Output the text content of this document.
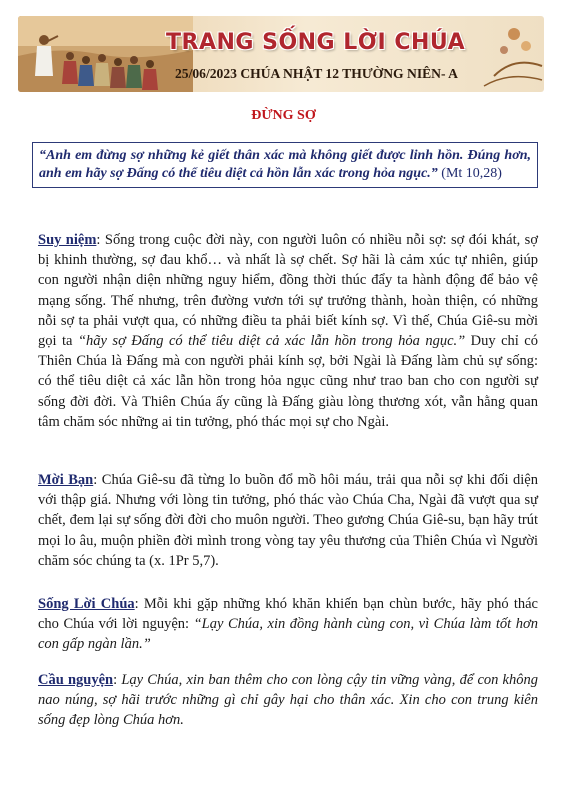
TRANG SỐNG LỜI CHÚA
25/06/2023 CHÚA NHẬT 12 THƯỜNG NIÊN- A
ĐỪNG SỢ
“Anh em đừng sợ những kẻ giết thân xác mà không giết được linh hồn. Đúng hơn, anh em hãy sợ Đấng có thể tiêu diệt cả hồn lẫn xác trong hỏa ngục.” (Mt 10,28)
Suy niệm: Sống trong cuộc đời này, con người luôn có nhiều nỗi sợ: sợ đói khát, sợ bị khinh thường, sợ đau khổ… và nhất là sợ chết. Sợ hãi là cảm xúc tự nhiên, giúp con người nhận diện những nguy hiểm, đồng thời thúc đẩy ta hành động để bảo vệ mạng sống. Thế nhưng, trên đường vươn tới sự trưởng thành, hoàn thiện, có những nỗi sợ ta phải vượt qua, có những điều ta phải biết kính sợ. Vì thế, Chúa Giê-su mời gọi ta “hãy sợ Đấng có thể tiêu diệt cả xác lẫn hồn trong hỏa ngục.” Duy chỉ có Thiên Chúa là Đấng mà con người phải kính sợ, bởi Ngài là Đấng làm chủ sự sống: có thể tiêu diệt cả xác lẫn hồn trong hỏa ngục cũng như trao ban cho con người sự sống đời đời. Và Thiên Chúa ấy cũng là Đấng giàu lòng thương xót, vẫn hằng quan tâm chăm sóc những ai tin tưởng, phó thác mọi sự cho Ngài.
Mời Bạn: Chúa Giê-su đã từng lo buồn đổ mồ hôi máu, trải qua nỗi sợ khi đối diện với thập giá. Nhưng với lòng tin tưởng, phó thác vào Chúa Cha, Ngài đã vượt qua sự chết, đem lại sự sống đời đời cho muôn người. Theo gương Chúa Giê-su, bạn hãy trút mọi lo âu, muộn phiền đời mình trong vòng tay yêu thương của Thiên Chúa vì Người chăm sóc chúng ta (x. 1Pr 5,7).
Sống Lời Chúa: Mỗi khi gặp những khó khăn khiến bạn chùn bước, hãy phó thác cho Chúa với lời nguyện: “Lạy Chúa, xin đồng hành cùng con, vì Chúa làm tốt hơn con gấp ngàn lần.”
Cầu nguyện: Lạy Chúa, xin ban thêm cho con lòng cậy tin vững vàng, để con không nao núng, sợ hãi trước những gì chỉ gây hại cho thân xác. Xin cho con trung kiên sống đẹp lòng Chúa hơn.
